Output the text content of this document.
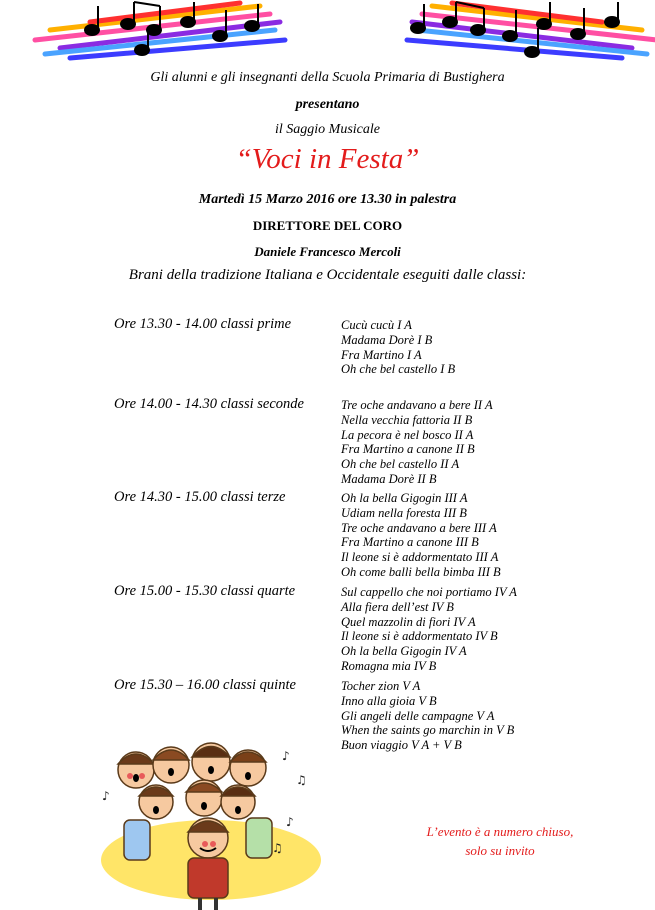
Gli alunni e gli insegnanti della Scuola Primaria di Bustighera
presentano
il Saggio Musicale
“Voci in Festa”
Martedì 15 Marzo 2016 ore 13.30 in palestra
DIRETTORE DEL CORO
Daniele Francesco Mercoli
Brani della tradizione Italiana e Occidentale eseguiti dalle classi:
Ore 13.30 - 14.00 classi prime	Cucù cucù I A
Madama Dorè I B
Fra Martino I A
Oh che bel castello I B
Ore 14.00 - 14.30 classi seconde	Tre oche andavano a bere II A
Nella vecchia fattoria II B
La pecora è nel bosco II A
Fra Martino a canone II B
Oh che bel castello II A
Madama Dorè II B
Ore 14.30 - 15.00 classi terze	Oh la bella Gigogin III A
Udiam nella foresta III B
Tre oche andavano a bere III A
Fra Martino a canone III B
Il leone si è addormentato III A
Oh come balli bella bimba III B
Ore 15.00 - 15.30 classi quarte	Sul cappello che noi portiamo IV A
Alla fiera dell’est IV B
Quel mazzolin di fiori IV A
Il leone si è addormentato IV B
Oh la bella Gigogin IV A
Romagna mia IV B
Ore 15.30 – 16.00 classi quinte	Tocher zion V A
Inno alla gioia V B
Gli angeli delle campagne V A
When the saints go marchin in V B
Buon viaggio V A + V B
♪
♫
♪
♪
♫
L’evento è a numero chiuso,
solo su invito
